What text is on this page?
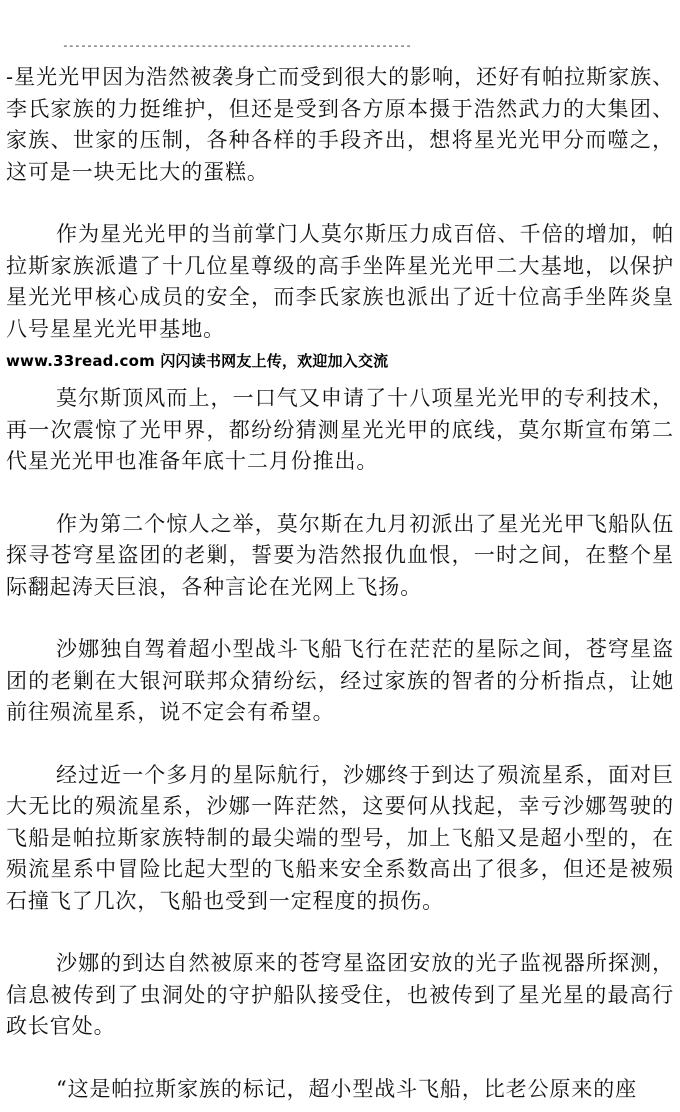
----------------------------------------------------------

-星光光甲因为浩然被袭身亡而受到很大的影响，还好有帕拉斯家族、李氏家族的力挺维护，但还是受到各方原本摄于浩然武力的大集团、家族、世家的压制，各种各样的手段齐出，想将星光光甲分而噬之，这可是一块无比大的蛋糕。

作为星光光甲的当前掌门人莫尔斯压力成百倍、千倍的增加，帕拉斯家族派遣了十几位星尊级的高手坐阵星光光甲二大基地，以保护星光光甲核心成员的安全，而李氏家族也派出了近十位高手坐阵炎皇八号星星光光甲基地。

www.33read.com 闪闪读书网友上传，欢迎加入交流

莫尔斯顶风而上，一口气又申请了十八项星光光甲的专利技术，再一次震惊了光甲界，都纷纷猜测星光光甲的底线，莫尔斯宣布第二代星光光甲也准备年底十二月份推出。

作为第二个惊人之举，莫尔斯在九月初派出了星光光甲飞船队伍探寻苍穹星盗团的老剿，誓要为浩然报仇血恨，一时之间，在整个星际翻起涛天巨浪，各种言论在光网上飞扬。

沙娜独自驾着超小型战斗飞船飞行在茫茫的星际之间，苍穹星盗团的老剿在大银河联邦众猜纷纭，经过家族的智者的分析指点，让她前往殒流星系，说不定会有希望。

经过近一个多月的星际航行，沙娜终于到达了殒流星系，面对巨大无比的殒流星系，沙娜一阵茫然，这要何从找起，幸亏沙娜驾驶的飞船是帕拉斯家族特制的最尖端的型号，加上飞船又是超小型的，在殒流星系中冒险比起大型的飞船来安全系数高出了很多，但还是被殒石撞飞了几次，飞船也受到一定程度的损伤。

沙娜的到达自然被原来的苍穹星盗团安放的光子监视器所探测，信息被传到了虫洞处的守护船队接受住，也被传到了星光星的最高行政长官处。

“这是帕拉斯家族的标记，超小型战斗飞船，比老公原来的座
